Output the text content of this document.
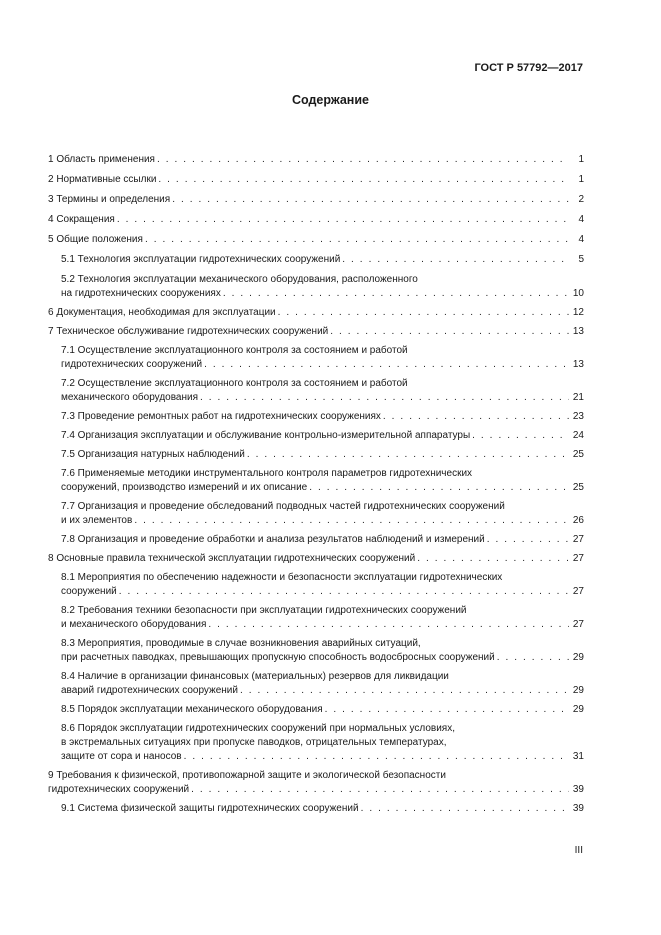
ГОСТ Р 57792—2017
Содержание
1 Область применения . . .	1
2 Нормативные ссылки . . .	1
3 Термины и определения . . .	2
4 Сокращения . . .	4
5 Общие положения . . .	4
5.1 Технология эксплуатации гидротехнических сооружений . . .	5
5.2 Технология эксплуатации механического оборудования, расположенного
на гидротехнических сооружениях . . .	10
6 Документация, необходимая для эксплуатации . . .	12
7 Техническое обслуживание гидротехнических сооружений . . .	13
7.1 Осуществление эксплуатационного контроля за состоянием и работой
гидротехнических сооружений . . .	13
7.2 Осуществление эксплуатационного контроля за состоянием и работой
механического оборудования . . .	21
7.3 Проведение ремонтных работ на гидротехнических сооружениях . . .	23
7.4 Организация эксплуатации и обслуживание контрольно-измерительной аппаратуры . . .	24
7.5 Организация натурных наблюдений . . .	25
7.6 Применяемые методики инструментального контроля параметров гидротехнических
сооружений, производство измерений и их описание . . .	25
7.7 Организация и проведение обследований подводных частей гидротехнических сооружений
и их элементов . . .	26
7.8 Организация и проведение обработки и анализа результатов наблюдений и измерений . . .	27
8 Основные правила технической эксплуатации гидротехнических сооружений . . .	27
8.1 Мероприятия по обеспечению надежности и безопасности эксплуатации гидротехнических
сооружений . . .	27
8.2 Требования техники безопасности при эксплуатации гидротехнических сооружений
и механического оборудования . . .	27
8.3 Мероприятия, проводимые в случае возникновения аварийных ситуаций,
при расчетных паводках, превышающих пропускную способность водосбросных сооружений . . .	29
8.4 Наличие в организации финансовых (материальных) резервов для ликвидации
аварий гидротехнических сооружений . . .	29
8.5 Порядок эксплуатации механического оборудования . . .	29
8.6 Порядок эксплуатации гидротехнических сооружений при нормальных условиях,
в экстремальных ситуациях при пропуске паводков, отрицательных температурах,
защите от сора и наносов . . .	31
9 Требования к физической, противопожарной защите и экологической безопасности
гидротехнических сооружений . . .	39
9.1 Система физической защиты гидротехнических сооружений . . .	39
III
